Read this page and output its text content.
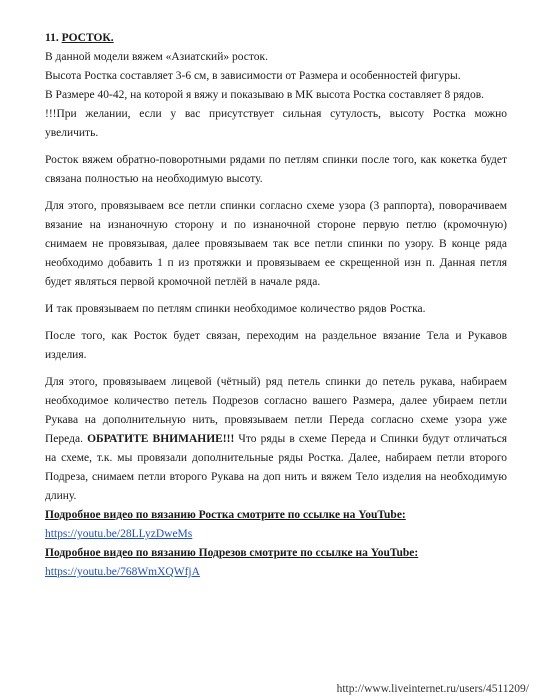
11. РОСТОК.

В данной модели вяжем «Азиатский» росток.

Высота Ростка составляет 3-6 см, в зависимости от Размера и особенностей фигуры.

В Размере 40-42, на которой я вяжу и показываю в МК высота Ростка составляет 8 рядов.

!!!При желании, если у вас присутствует сильная сутулость, высоту Ростка можно увеличить.

Росток вяжем обратно-поворотными рядами по петлям спинки после того, как кокетка будет связана полностью на необходимую высоту.

Для этого, провязываем все петли спинки согласно схеме узора (3 раппорта), поворачиваем вязание на изнаночную сторону и по изнаночной стороне первую петлю (кромочную) снимаем не провязывая, далее провязываем так все петли спинки по узору. В конце ряда необходимо добавить 1 п из протяжки и провязываем ее скрещенной изн п. Данная петля будет являться первой кромочной петлёй в начале ряда.

И так провязываем по петлям спинки необходимое количество рядов Ростка.

После того, как Росток будет связан, переходим на раздельное вязание Тела и Рукавов изделия.

Для этого, провязываем лицевой (чётный) ряд петель спинки до петель рукава, набираем необходимое количество петель Подрезов согласно вашего Размера, далее убираем петли Рукава на дополнительную нить, провязываем петли Переда согласно схеме узора уже Переда. ОБРАТИТЕ ВНИМАНИЕ!!! Что ряды в схеме Переда и Спинки будут отличаться на схеме, т.к. мы провязали дополнительные ряды Ростка. Далее, набираем петли второго Подреза, снимаем петли второго Рукава на доп нить и вяжем Тело изделия на необходимую длину.

Подробное видео по вязанию Ростка смотрите по ссылке на YouTube:

https://youtu.be/28LLyzDweMs

Подробное видео по вязанию Подрезов смотрите по ссылке на YouTube:

https://youtu.be/768WmXQWfjA

http://www.liveinternet.ru/users/4511209/
